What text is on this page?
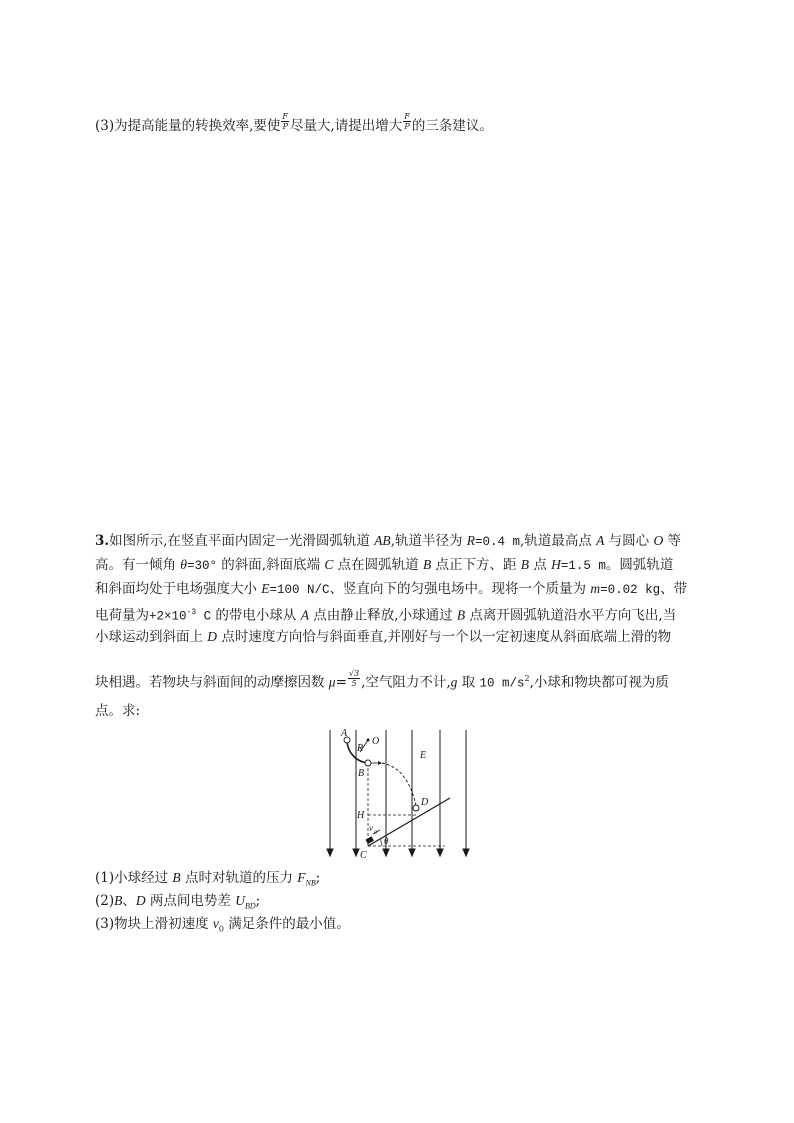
(3)为提高能量的转换效率,要使 $\frac{F}{P}$ 尽量大,请提出增大 $\frac{F}{P}$ 的三条建议。
3.如图所示,在竖直平面内固定一光滑圆弧轨道 AB,轨道半径为 R=0.4 m,轨道最高点 A 与圆心 O 等
高。有一倾角 θ=30° 的斜面,斜面底端 C 点在圆弧轨道 B 点正下方、距 B 点 H=1.5 m。圆弧轨道
和斜面均处于电场强度大小 E=100 N/C、竖直向下的匀强电场中。现将一个质量为 m=0.02 kg、带
电荷量为$+2\times 10^{-3}$ C 的带电小球从 A 点由静止释放,小球通过 B 点离开圆弧轨道沿水平方向飞出,当
小球运动到斜面上 D 点时速度方向恰与斜面垂直,并刚好与一个以一定初速度从斜面底端上滑的物
块相遇。若物块与斜面间的动摩擦因数 $\mu= \frac{√3}{5}$ ,空气阻力不计,g 取 10 $m/s^2$,小球和物块都可视为质
点。求:
A
R
O
B
E
D
H
v 0
C
θ
(1)小球经过 B 点时对轨道的压力 $F_{NB}$;
(2)B、D 两点间电势差 $U_{BD}$;
(3)物块上滑初速度 $v_0$ 满足条件的最小值。
